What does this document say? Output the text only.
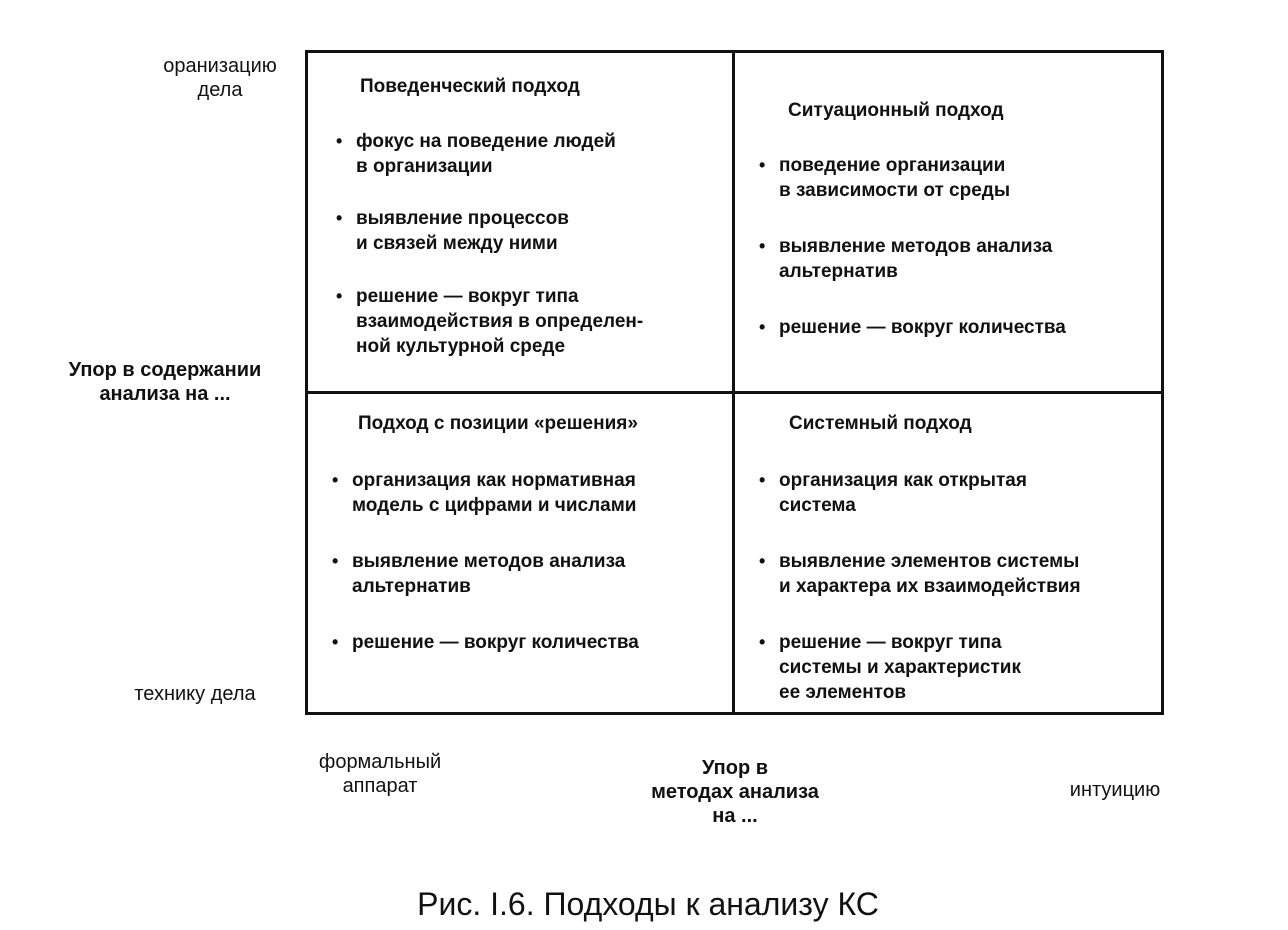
оранизацию
дела
Упор в содержании
анализа на ...
технику дела
Поведенческий подход
• фокус на поведение людей
в организации
• выявление процессов
и связей между ними
• решение — вокруг типа
взаимодействия в определен-
ной культурной среде
Ситуационный подход
• поведение организации
в зависимости от среды
• выявление методов анализа
альтернатив
• решение — вокруг количества
Подход с позиции «решения»
• организация как нормативная
модель с цифрами и числами
• выявление методов анализа
альтернатив
• решение — вокруг количества
Системный подход
• организация как открытая
система
• выявление элементов системы
и характера их взаимодействия
• решение — вокруг типа
системы и характеристик
ее элементов
формальный
аппарат
Упор в
методах анализа
на ...
интуицию
Рис. I.6. Подходы к анализу КС
